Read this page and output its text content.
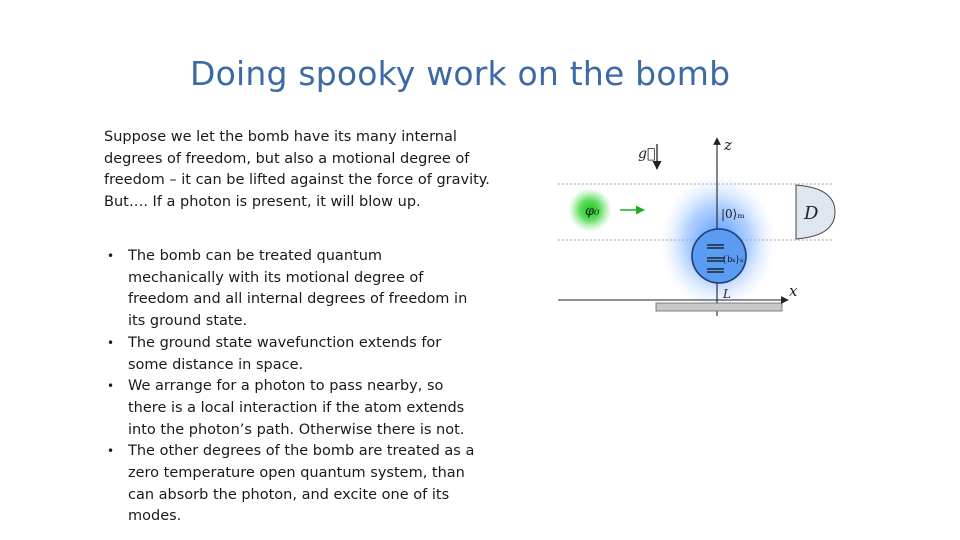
Doing spooky work on the bomb
Suppose we let the bomb have its many internal
degrees of freedom, but also a motional degree of
freedom – it can be lifted against the force of gravity.
But…. If a photon is present, it will blow up.
• The bomb can be treated quantum
mechanically with its motional degree of
freedom and all internal degrees of freedom in
its ground state.
• The ground state wavefunction extends for
some distance in space.
• We arrange for a photon to pass nearby, so
there is a local interaction if the atom extends
into the photon’s path. Otherwise there is not.
• The other degrees of the bomb are treated as a
zero temperature open quantum system, than
can absorb the photon, and excite one of its
modes.
φ₀
z
g⃗
|0⟩ₘ	D
{bₖ}ₖ
x
L
